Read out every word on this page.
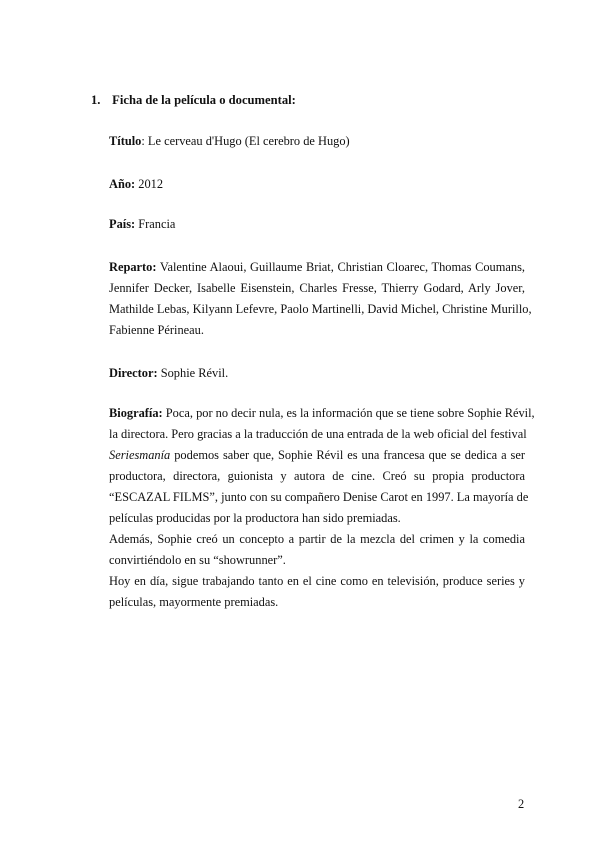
1. Ficha de la película o documental:
Título: Le cerveau d'Hugo (El cerebro de Hugo)
Año: 2012
País: Francia
Reparto: Valentine Alaoui, Guillaume Briat, Christian Cloarec, Thomas Coumans,
Jennifer Decker, Isabelle Eisenstein, Charles Fresse, Thierry Godard, Arly Jover,
Mathilde Lebas, Kilyann Lefevre, Paolo Martinelli, David Michel, Christine Murillo,
Fabienne Périneau.
Director: Sophie Révil.
Biografía: Poca, por no decir nula, es la información que se tiene sobre Sophie Révil,
la directora. Pero gracias a la traducción de una entrada de la web oficial del festival
Seriesmanía podemos saber que, Sophie Révil es una francesa que se dedica a ser
productora, directora, guionista y autora de cine. Creó su propia productora
“ESCAZAL FILMS”, junto con su compañero Denise Carot en 1997. La mayoría de
películas producidas por la productora han sido premiadas.
Además, Sophie creó un concepto a partir de la mezcla del crimen y la comedia
convirtiéndolo en su “showrunner”.
Hoy en día, sigue trabajando tanto en el cine como en televisión, produce series y
películas, mayormente premiadas.
2
